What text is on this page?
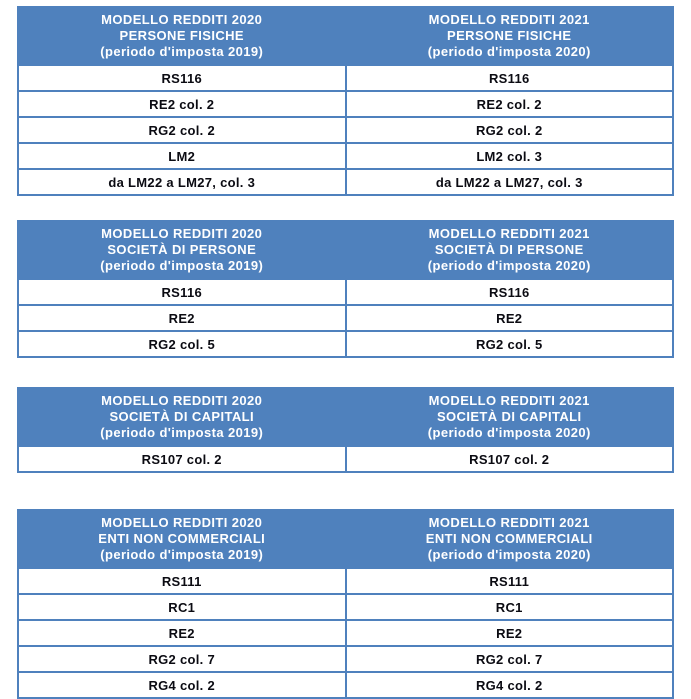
MODELLO REDDITI 2020
PERSONE FISICHE
(periodo d'imposta 2019)

MODELLO REDDITI 2021
PERSONE FISICHE
(periodo d'imposta 2020)

RS116	RS116
RE2 col. 2	RE2 col. 2
RG2 col. 2	RG2 col. 2
LM2	LM2 col. 3
da LM22 a LM27, col. 3	da LM22 a LM27, col. 3
MODELLO REDDITI 2020
SOCIETÀ DI PERSONE
(periodo d'imposta 2019)

MODELLO REDDITI 2021
SOCIETÀ DI PERSONE
(periodo d'imposta 2020)

RS116	RS116
RE2	RE2
RG2 col. 5	RG2 col. 5
MODELLO REDDITI 2020
SOCIETÀ DI CAPITALI
(periodo d'imposta 2019)

MODELLO REDDITI 2021
SOCIETÀ DI CAPITALI
(periodo d'imposta 2020)

RS107 col. 2	RS107 col. 2
MODELLO REDDITI 2020
ENTI NON COMMERCIALI
(periodo d'imposta 2019)

MODELLO REDDITI 2021
ENTI NON COMMERCIALI
(periodo d'imposta 2020)

RS111	RS111
RC1	RC1
RE2	RE2
RG2 col. 7	RG2 col. 7
RG4 col. 2	RG4 col. 2
